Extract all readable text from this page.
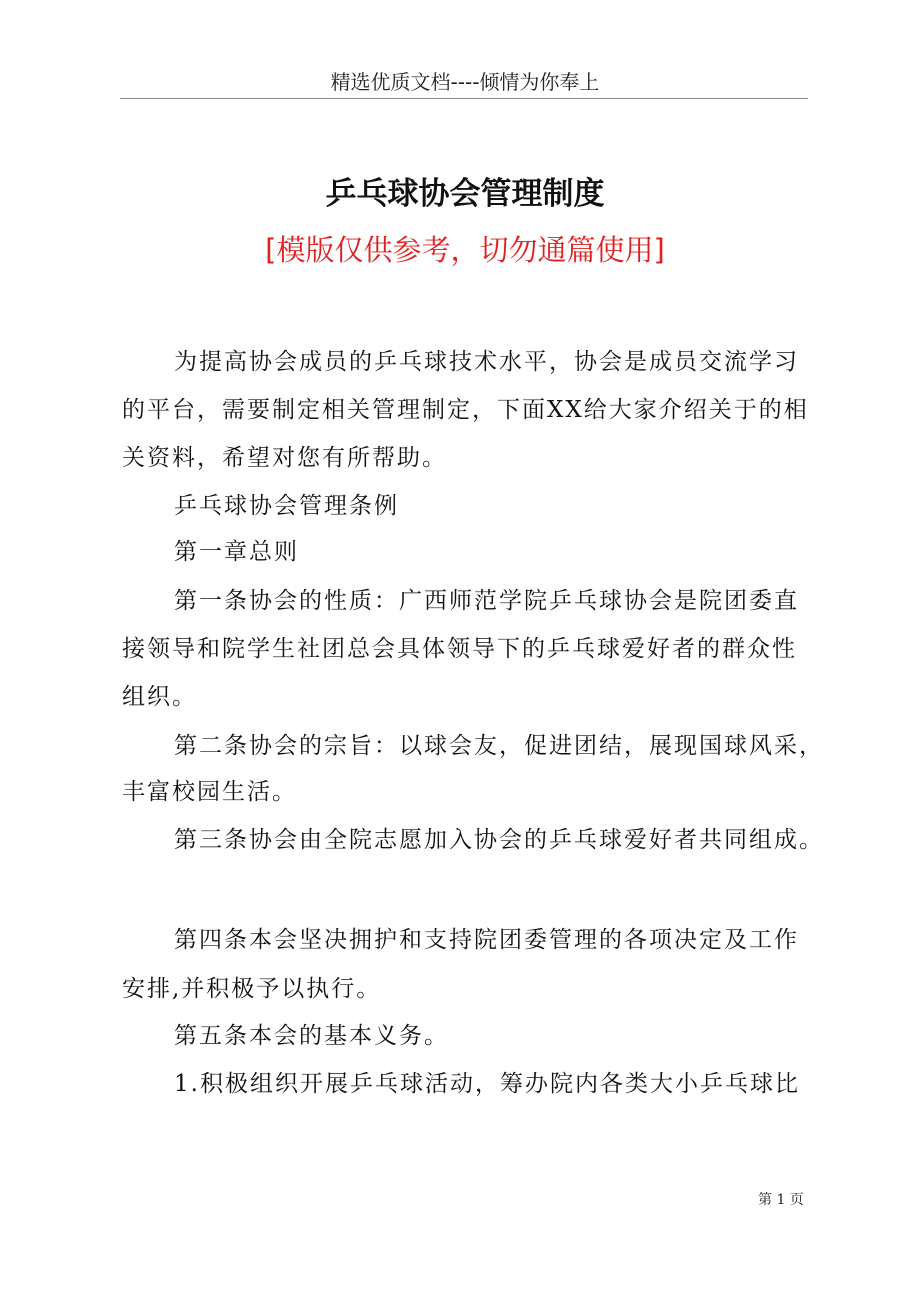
精选优质文档----倾情为你奉上
乒乓球协会管理制度
[模版仅供参考，切勿通篇使用]
为提高协会成员的乒乓球技术水平，协会是成员交流学习
的平台，需要制定相关管理制定，下面XX给大家介绍关于的相
关资料，希望对您有所帮助。
乒乓球协会管理条例
第一章总则
第一条协会的性质：广西师范学院乒乓球协会是院团委直
接领导和院学生社团总会具体领导下的乒乓球爱好者的群众性
组织。
第二条协会的宗旨：以球会友，促进团结，展现国球风采，
丰富校园生活。
第三条协会由全院志愿加入协会的乒乓球爱好者共同组成。
第四条本会坚决拥护和支持院团委管理的各项决定及工作
安排,并积极予以执行。
第五条本会的基本义务。
1.积极组织开展乒乓球活动，筹办院内各类大小乒乓球比
第 1 页
